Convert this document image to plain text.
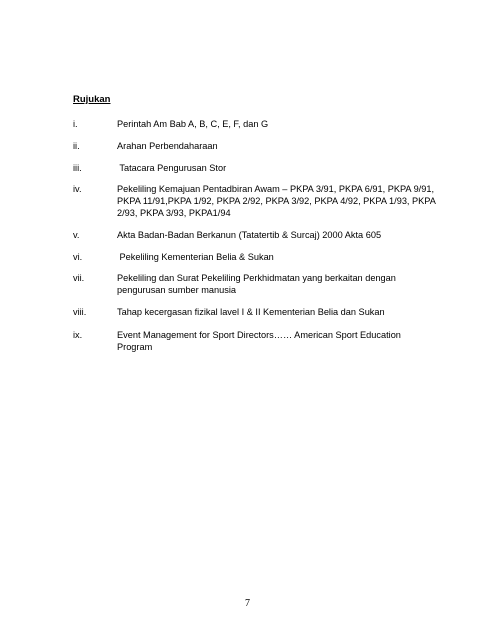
Rujukan
i.	Perintah Am Bab A, B, C, E, F, dan G
ii.	Arahan Perbendaharaan
iii.	Tatacara Pengurusan Stor
iv.	Pekeliling Kemajuan Pentadbiran Awam – PKPA 3/91, PKPA 6/91, PKPA 9/91, PKPA 11/91,PKPA 1/92, PKPA 2/92, PKPA 3/92, PKPA 4/92, PKPA 1/93, PKPA 2/93, PKPA 3/93, PKPA1/94
v.	Akta Badan-Badan Berkanun (Tatatertib & Surcaj) 2000 Akta 605
vi.	Pekeliling Kementerian Belia & Sukan
vii.	Pekeliling dan Surat Pekeliling Perkhidmatan yang berkaitan dengan pengurusan sumber manusia
viii.	Tahap kecergasan fizikal lavel I & II Kementerian Belia dan Sukan
ix.	Event Management for Sport Directors…… American Sport Education Program
7
